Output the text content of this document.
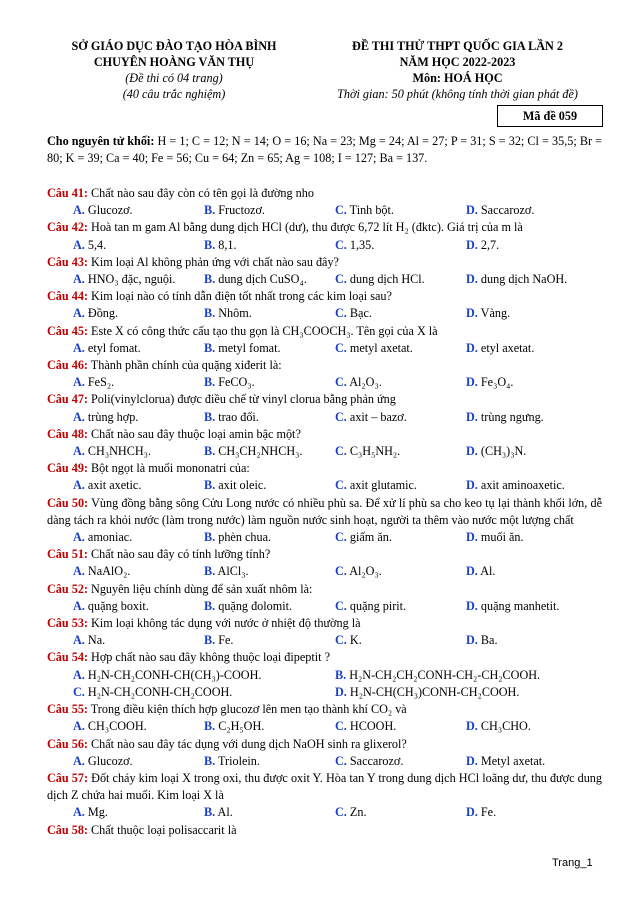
SỞ GIÁO DỤC ĐÀO TẠO HÒA BÌNH
CHUYÊN HOÀNG VĂN THỤ
(Đề thi có 04 trang)
(40 câu trắc nghiệm)
ĐỀ THI THỬ THPT QUỐC GIA LẦN 2
NĂM HỌC 2022-2023
Môn: HOÁ HỌC
Thời gian: 50 phút (không tính thời gian phát đề)
Mã đề 059
Cho nguyên tử khối: H = 1; C = 12; N = 14; O = 16; Na = 23; Mg = 24; Al = 27; P = 31; S = 32; Cl = 35,5; Br = 80; K = 39; Ca = 40; Fe = 56; Cu = 64; Zn = 65; Ag = 108; I = 127; Ba = 137.
Câu 41: Chất nào sau đây còn có tên gọi là đường nho
A. Glucozơ.	B. Fructozơ.	C. Tinh bột.	D. Saccarozơ.
Câu 42: Hoà tan m gam Al bằng dung dịch HCl (dư), thu được 6,72 lít H₂ (đktc). Giá trị của m là
A. 5,4.	B. 8,1.	C. 1,35.	D. 2,7.
Câu 43: Kim loại Al không phản ứng với chất nào sau đây?
A. HNO₃ đặc, nguội.	B. dung dịch CuSO₄.	C. dung dịch HCl.	D. dung dịch NaOH.
Câu 44: Kim loại nào có tính dẫn điện tốt nhất trong các kim loại sau?
A. Đồng.	B. Nhôm.	C. Bạc.	D. Vàng.
Câu 45: Este X có công thức cấu tạo thu gọn là CH₃COOCH₃. Tên gọi của X là
A. etyl fomat.	B. metyl fomat.	C. metyl axetat.	D. etyl axetat.
Câu 46: Thành phần chính của quặng xiđerit là:
A. FeS₂.	B. FeCO₃.	C. Al₂O₃.	D. Fe₃O₄.
Câu 47: Poli(vinylclorua) được điều chế từ vinyl clorua bằng phản ứng
A. trùng hợp.	B. trao đổi.	C. axit – bazơ.	D. trùng ngưng.
Câu 48: Chất nào sau đây thuộc loại amin bậc một?
A. CH₃NHCH₃.	B. CH₃CH₂NHCH₃.	C. C₃H₅NH₂.	D. (CH₃)₃N.
Câu 49: Bột ngọt là muối mononatri của:
A. axit axetic.	B. axit oleic.	C. axit glutamic.	D. axit aminoaxetic.
Câu 50: Vùng đồng bằng sông Cửu Long nước có nhiều phù sa. Để xử lí phù sa cho keo tụ lại thành khối lớn, dễ dàng tách ra khỏi nước (làm trong nước) làm nguồn nước sinh hoạt, người ta thêm vào nước một lượng chất
A. amoniac.	B. phèn chua.	C. giấm ăn.	D. muối ăn.
Câu 51: Chất nào sau đây có tính lưỡng tính?
A. NaAlO₂.	B. AlCl₃.	C. Al₂O₃.	D. Al.
Câu 52: Nguyên liệu chính dùng để sản xuất nhôm là:
A. quặng boxit.	B. quặng đolomit.	C. quặng pirit.	D. quặng manhetit.
Câu 53: Kim loại không tác dụng với nước ở nhiệt độ thường là
A. Na.	B. Fe.	C. K.	D. Ba.
Câu 54: Hợp chất nào sau đây không thuộc loại đipeptit ?
A. H₂N-CH₂CONH-CH(CH₃)-COOH.	B. H₂N-CH₂CH₂CONH-CH₂-CH₂COOH.
C. H₂N-CH₂CONH-CH₂COOH.	D. H₂N-CH(CH₃)CONH-CH₂COOH.
Câu 55: Trong điều kiện thích hợp glucozơ lên men tạo thành khí CO₂ và
A. CH₃COOH.	B. C₂H₅OH.	C. HCOOH.	D. CH₃CHO.
Câu 56: Chất nào sau đây tác dụng với dung dịch NaOH sinh ra glixerol?
A. Glucozơ.	B. Triolein.	C. Saccarozơ.	D. Metyl axetat.
Câu 57: Đốt cháy kim loại X trong oxi, thu được oxit Y. Hòa tan Y trong dung dịch HCl loãng dư, thu được dung dịch Z chứa hai muối. Kim loại X là
A. Mg.	B. Al.	C. Zn.	D. Fe.
Câu 58: Chất thuộc loại polisaccarit là
Trang_1
